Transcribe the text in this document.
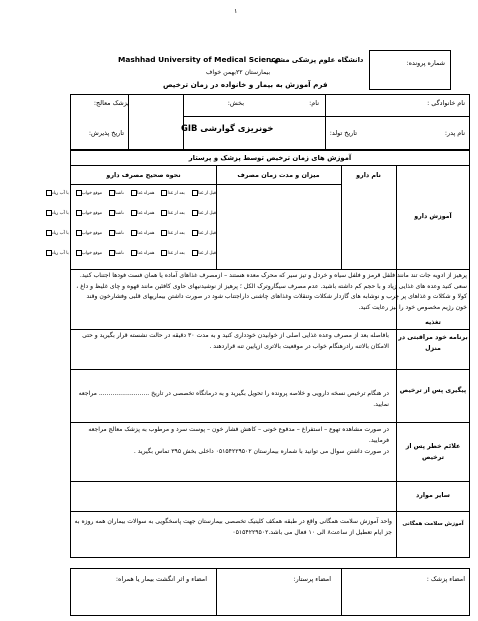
۱
Mashhad University of Medical Science
دانشگاه علوم پزشکی مشهد
بیمارستان ۲۲بهمن خواف
فرم آموزش به بیمار و خانواده در زمان ترخیص
شماره پرونده:
نام خانوادگی :
نام:
بخش:
پزشک معالج:
نام پدر:
تاریخ تولد:
خونریزی گوارشی GIB
تاریخ پذیرش:
آموزش های زمان ترخیص توسط پزشک و پرستار
نام دارو
میزان و مدت زمان مصرف
نحوه صحیح مصرف دارو
قبل از غذابعد از غذاهمراه غذاناشتاموقع خواببا آب زیاد
قبل از غذابعد از غذاهمراه غذاناشتاموقع خواببا آب زیاد
قبل از غذابعد از غذاهمراه غذاناشتاموقع خواببا آب زیاد
قبل از غذابعد از غذاهمراه غذاناشتاموقع خواببا آب زیاد
آموزش دارو
پرهیز از ادویه جات تند مانند فلفل قرمز و فلفل سیاه و خردل و تیز سیر که محرک معده هستند – ازمصرف غذاهای آماده یا همان فست فودها اجتناب کنید. سعی کنید وعده های غذایی زیاد و با حجم کم داشته باشید. عدم مصرف سیگاروترک الکل ؛ پرهیز از نوشیدنیهای حاوی کافئین مانند قهوه و چای غلیظ و داغ ، کولا و شکلات و غذاهای پر چرب و نوشابه های گازدار شکلات وتنقلات وغذاهای چاشنی داراجتناب شود در صورت داشتن بیماریهای قلبی وفشارخون وقند خون رژیم مخصوص خود را نیز رعایت کنید.
تغذیه
بافاصله بعد از مصرف وعده غذایی اصلی از خوابیدن خودداری کنید و به مدت ۳۰ دقیقه در حالت نشسته قرار بگیرید و حتی الامکان بالاتنه رادرهنگام خواب در موقعیت بالاتری ازپایین تنه قراردهند .
برنامه خود مراقبتی در منزل
در هنگام ترخیص نسخه دارویی و خلاصه پرونده را تحویل بگیرید و به درمانگاه تخصصی در تاریخ .......................... مراجعه نمایید.
پیگیری پس از ترخیص
در صورت مشاهده تهوع – استفراغ – مدفوع خونی – کاهش فشار خون – پوست سرد و مرطوب به پزشک معالج مراجعه فرمایید.
در صورت داشتن سوال می توانید با شماره بیمارستان ۰۵۱۵۴۲۲۹۵۰۲ داخلی بخش ۳۹۵ تماس بگیرید .
علائم خطر پس از ترخیص
سایر موارد
واحد آموزش سلامت همگانی واقع در طبقه همکف کلینیک تخصصی بیمارستان جهت پاسخگویی به سوالات بیماران همه روزه به جز ایام تعطیل از ساعت۸ الی ۱۰ فعال می باشد.۰۵۱۵۴۲۲۹۵۰۲
آموزش سلامت همگانی
امضاء پزشک :
امضاء پرستار:
امضاء و اثر انگشت بیمار یا همراه:
